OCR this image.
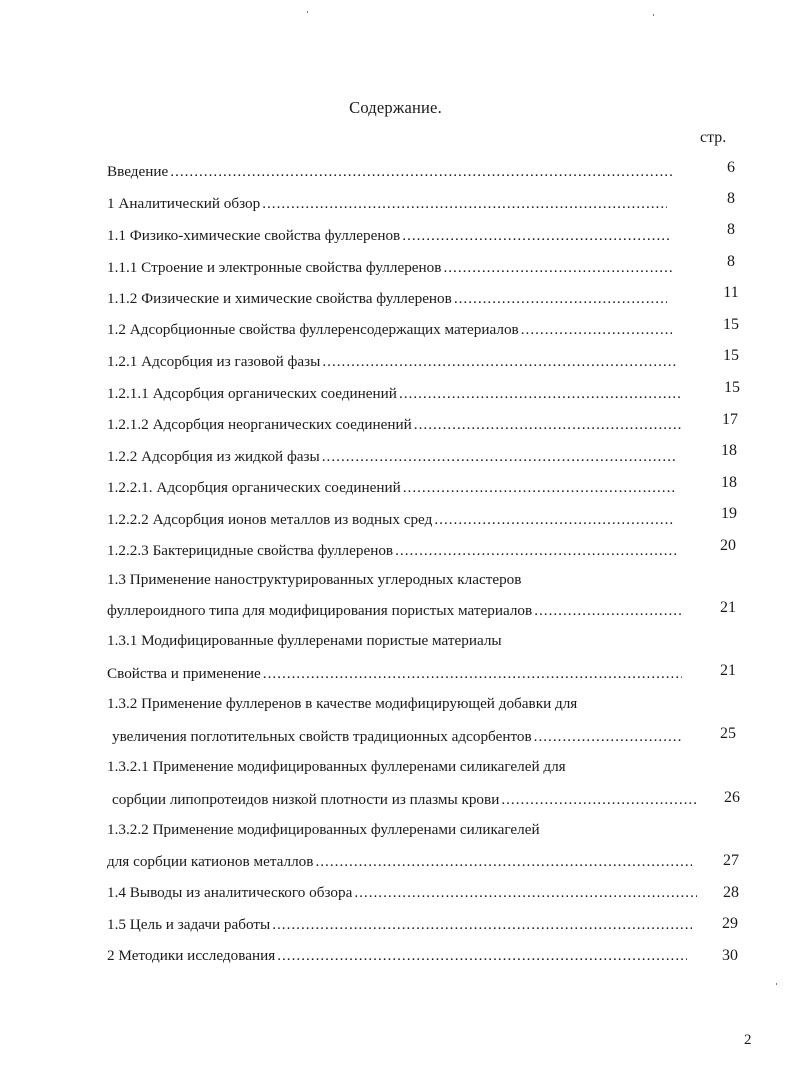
Содержание.
стр.
Введение .....	6
1 Аналитический обзор .....	8
1.1 Физико-химические свойства фуллеренов .....	8
1.1.1 Строение и электронные свойства фуллеренов .....	8
1.1.2 Физические и химические свойства фуллеренов .....	11
1.2 Адсорбционные свойства фуллеренсодержащих материалов .....	15
1.2.1 Адсорбция из газовой фазы .....	15
1.2.1.1 Адсорбция органических соединений .....	15
1.2.1.2 Адсорбция неорганических соединений .....	17
1.2.2 Адсорбция из жидкой фазы .....	18
1.2.2.1. Адсорбция органических соединений .....	18
1.2.2.2 Адсорбция ионов металлов из водных сред .....	19
1.2.2.3 Бактерицидные свойства фуллеренов .....	20
1.3 Применение наноструктурированных углеродных кластеров
фуллероидного типа для модифицирования пористых материалов .....	21
1.3.1 Модифицированные фуллеренами пористые материалы
Свойства и применение .....	21
1.3.2 Применение фуллеренов в качестве модифицирующей добавки для
увеличения поглотительных свойств традиционных адсорбентов .....	25
1.3.2.1 Применение модифицированных фуллеренами силикагелей для
сорбции липопротеидов низкой плотности из плазмы крови .....	26
1.3.2.2 Применение модифицированных фуллеренами силикагелей
для сорбции катионов металлов .....	27
1.4 Выводы из аналитического обзора .....	28
1.5 Цель и задачи работы .....	29
2 Методики исследования .....	30
2
